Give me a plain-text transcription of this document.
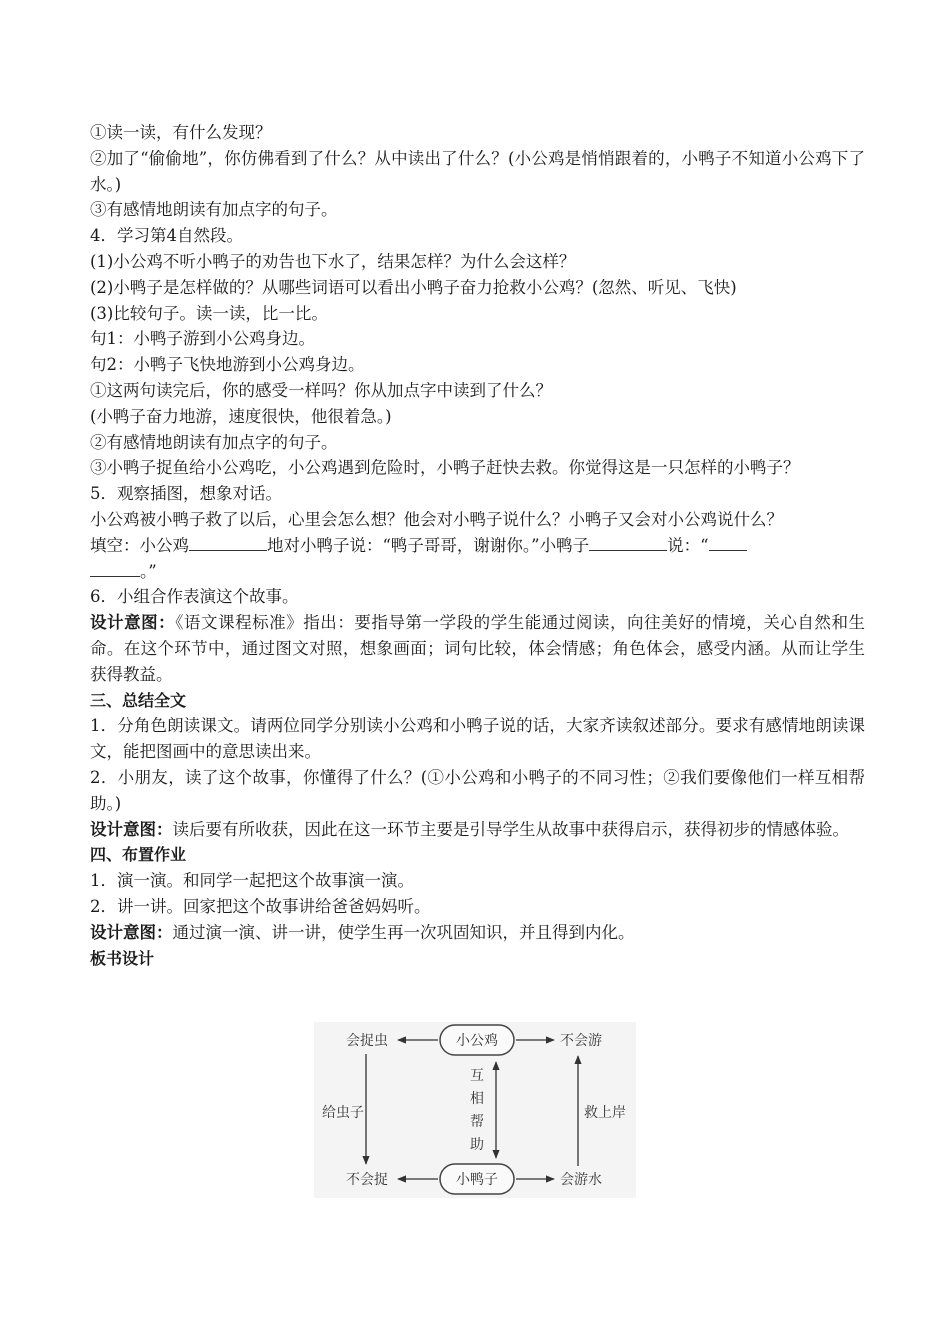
①读一读，有什么发现？
②加了“偷偷地”，你仿佛看到了什么？从中读出了什么？(小公鸡是悄悄跟着的，小鸭子不知道小公鸡下了水。)
③有感情地朗读有加点字的句子。
4．学习第4自然段。
(1)小公鸡不听小鸭子的劝告也下水了，结果怎样？为什么会这样？
(2)小鸭子是怎样做的？从哪些词语可以看出小鸭子奋力抢救小公鸡？(忽然、听见、飞快)
(3)比较句子。读一读，比一比。
句1：小鸭子游到小公鸡身边。
句2：小鸭子飞快地游到小公鸡身边。
①这两句读完后，你的感受一样吗？你从加点字中读到了什么？
(小鸭子奋力地游，速度很快，他很着急。)
②有感情地朗读有加点字的句子。
③小鸭子捉鱼给小公鸡吃，小公鸡遇到危险时，小鸭子赶快去救。你觉得这是一只怎样的小鸭子？
5．观察插图，想象对话。
小公鸡被小鸭子救了以后，心里会怎么想？他会对小鸭子说什么？小鸭子又会对小公鸡说什么？
填空：小公鸡	地对小鸭子说：“鸭子哥哥，谢谢你。”小鸭子	说：“
。”
6．小组合作表演这个故事。
设计意图：《语文课程标准》指出：要指导第一学段的学生能通过阅读，向往美好的情境，关心自然和生命。在这个环节中，通过图文对照，想象画面；词句比较，体会情感；角色体会，感受内涵。从而让学生获得教益。
三、总结全文
1．分角色朗读课文。请两位同学分别读小公鸡和小鸭子说的话，大家齐读叙述部分。要求有感情地朗读课文，能把图画中的意思读出来。
2．小朋友，读了这个故事，你懂得了什么？(①小公鸡和小鸭子的不同习性；②我们要像他们一样互相帮助。)
设计意图：读后要有所收获，因此在这一环节主要是引导学生从故事中获得启示，获得初步的情感体验。
四、布置作业
1．演一演。和同学一起把这个故事演一演。
2．讲一讲。回家把这个故事讲给爸爸妈妈听。
设计意图：通过演一演、讲一讲，使学生再一次巩固知识，并且得到内化。
板书设计
小公鸡
小鸭子
会捉虫	不会游
不会捉	会游水
给虫子	救上岸
互
相
帮
助
